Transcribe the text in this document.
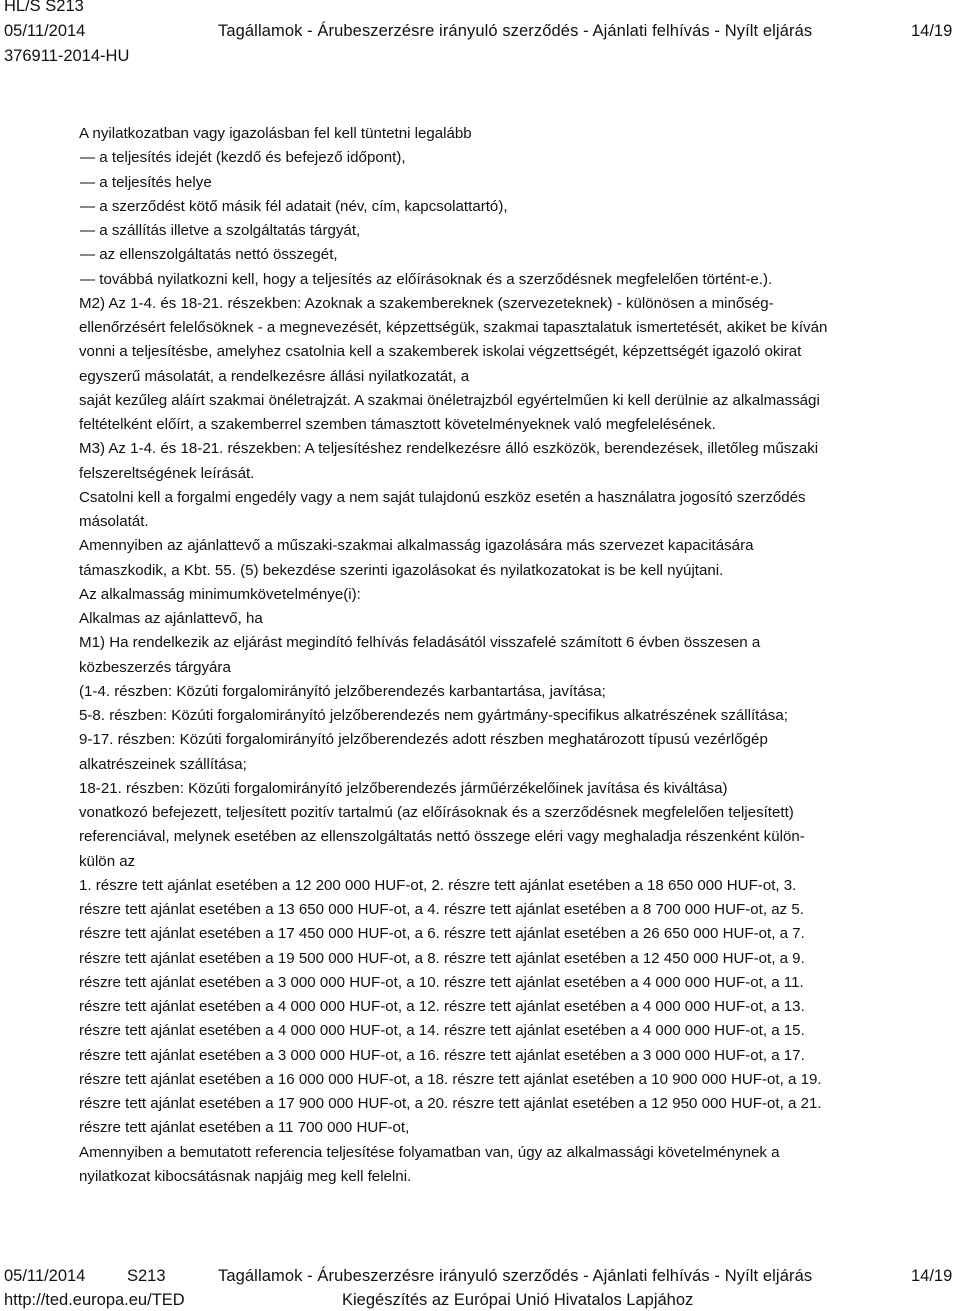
HL/S S213
05/11/2014	Tagállamok - Árubeszerzésre irányuló szerződés - Ajánlati felhívás - Nyílt eljárás	14/19
376911-2014-HU
A nyilatkozatban vagy igazolásban fel kell tüntetni legalább
— a teljesítés idejét (kezdő és befejező időpont),
— a teljesítés helye
— a szerződést kötő másik fél adatait (név, cím, kapcsolattartó),
— a szállítás illetve a szolgáltatás tárgyát,
— az ellenszolgáltatás nettó összegét,
— továbbá nyilatkozni kell, hogy a teljesítés az előírásoknak és a szerződésnek megfelelően történt-e.).
M2) Az 1-4. és 18-21. részekben: Azoknak a szakembereknek (szervezeteknek) - különösen a minőség-
ellenőrzésért felelősöknek - a megnevezését, képzettségük, szakmai tapasztalatuk ismertetését, akiket be kíván
vonni a teljesítésbe, amelyhez csatolnia kell a szakemberek iskolai végzettségét, képzettségét igazoló okirat
egyszerű másolatát, a rendelkezésre állási nyilatkozatát, a
saját kezűleg aláírt szakmai önéletrajzát. A szakmai önéletrajzból egyértelműen ki kell derülnie az alkalmassági
feltételként előírt, a szakemberrel szemben támasztott követelményeknek való megfelelésének.
M3) Az 1-4. és 18-21. részekben: A teljesítéshez rendelkezésre álló eszközök, berendezések, illetőleg műszaki
felszereltségének leírását.
Csatolni kell a forgalmi engedély vagy a nem saját tulajdonú eszköz esetén a használatra jogosító szerződés
másolatát.
Amennyiben az ajánlattevő a műszaki-szakmai alkalmasság igazolására más szervezet kapacitására
támaszkodik, a Kbt. 55. (5) bekezdése szerinti igazolásokat és nyilatkozatokat is be kell nyújtani.
Az alkalmasság minimumkövetelménye(i):
Alkalmas az ajánlattevő, ha
M1) Ha rendelkezik az eljárást megindító felhívás feladásától visszafelé számított 6 évben összesen a
közbeszerzés tárgyára
(1-4. részben: Közúti forgalomirányító jelzőberendezés karbantartása, javítása;
5-8. részben: Közúti forgalomirányító jelzőberendezés nem gyártmány-specifikus alkatrészének szállítása;
9-17. részben: Közúti forgalomirányító jelzőberendezés adott részben meghatározott típusú vezérlőgép
alkatrészeinek szállítása;
18-21. részben: Közúti forgalomirányító jelzőberendezés járműérzékelőinek javítása és kiváltása)
vonatkozó befejezett, teljesített pozitív tartalmú (az előírásoknak és a szerződésnek megfelelően teljesített)
referenciával, melynek esetében az ellenszolgáltatás nettó összege eléri vagy meghaladja részenként külön-
külön az
1. részre tett ajánlat esetében a 12 200 000 HUF-ot, 2. részre tett ajánlat esetében a 18 650 000 HUF-ot, 3.
részre tett ajánlat esetében a 13 650 000 HUF-ot, a 4. részre tett ajánlat esetében a 8 700 000 HUF-ot, az 5.
részre tett ajánlat esetében a 17 450 000 HUF-ot, a 6. részre tett ajánlat esetében a 26 650 000 HUF-ot, a 7.
részre tett ajánlat esetében a 19 500 000 HUF-ot, a 8. részre tett ajánlat esetében a 12 450 000 HUF-ot, a 9.
részre tett ajánlat esetében a 3 000 000 HUF-ot, a 10. részre tett ajánlat esetében a 4 000 000 HUF-ot, a 11.
részre tett ajánlat esetében a 4 000 000 HUF-ot, a 12. részre tett ajánlat esetében a 4 000 000 HUF-ot, a 13.
részre tett ajánlat esetében a 4 000 000 HUF-ot, a 14. részre tett ajánlat esetében a 4 000 000 HUF-ot, a 15.
részre tett ajánlat esetében a 3 000 000 HUF-ot, a 16. részre tett ajánlat esetében a 3 000 000 HUF-ot, a 17.
részre tett ajánlat esetében a 16 000 000 HUF-ot, a 18. részre tett ajánlat esetében a 10 900 000 HUF-ot, a 19.
részre tett ajánlat esetében a 17 900 000 HUF-ot, a 20. részre tett ajánlat esetében a 12 950 000 HUF-ot, a 21.
részre tett ajánlat esetében a 11 700 000 HUF-ot,
Amennyiben a bemutatott referencia teljesítése folyamatban van, úgy az alkalmassági követelménynek a
nyilatkozat kibocsátásnak napjáig meg kell felelni.
05/11/2014	S213	Tagállamok - Árubeszerzésre irányuló szerződés - Ajánlati felhívás - Nyílt eljárás	14/19
http://ted.europa.eu/TED	Kiegészítés az Európai Unió Hivatalos Lapjához
